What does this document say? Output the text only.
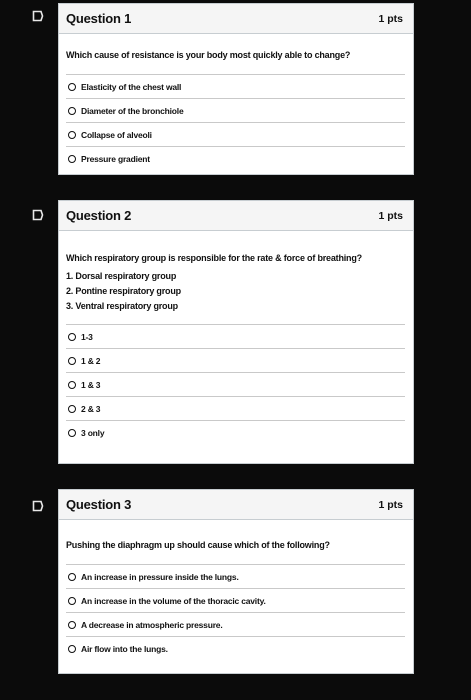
Question 1	1 pts

Which cause of resistance is your body most quickly able to change?

Elasticity of the chest wall
Diameter of the bronchiole
Collapse of alveoli
Pressure gradient
Question 2	1 pts

Which respiratory group is responsible for the rate & force of breathing?

1. Dorsal respiratory group
2. Pontine respiratory group
3. Ventral respiratory group
1-3
1 & 2
1 & 3
2 & 3
3 only
Question 3	1 pts

Pushing the diaphragm up should cause which of the following?

An increase in pressure inside the lungs.
An increase in the volume of the thoracic cavity.
A decrease in atmospheric pressure.
Air flow into the lungs.
